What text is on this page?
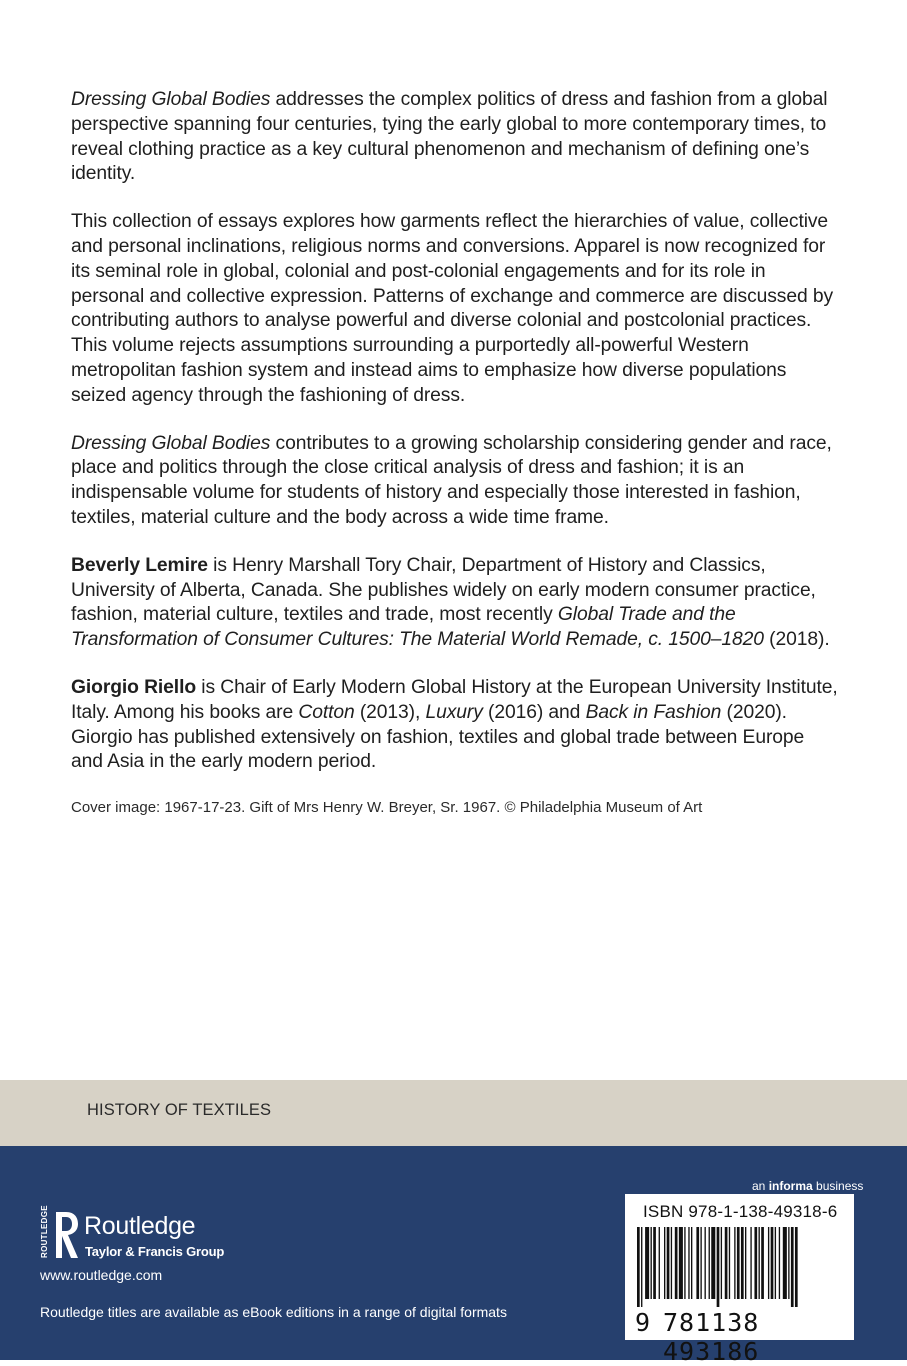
Dressing Global Bodies addresses the complex politics of dress and fashion from a global perspective spanning four centuries, tying the early global to more contemporary times, to reveal clothing practice as a key cultural phenomenon and mechanism of defining one’s identity.

This collection of essays explores how garments reflect the hierarchies of value, collective and personal inclinations, religious norms and conversions. Apparel is now recognized for its seminal role in global, colonial and post-colonial engagements and for its role in personal and collective expression. Patterns of exchange and commerce are discussed by contributing authors to analyse powerful and diverse colonial and postcolonial practices. This volume rejects assumptions surrounding a purportedly all-powerful Western metropolitan fashion system and instead aims to emphasize how diverse populations seized agency through the fashioning of dress.

Dressing Global Bodies contributes to a growing scholarship considering gender and race, place and politics through the close critical analysis of dress and fashion; it is an indispensable volume for students of history and especially those interested in fashion, textiles, material culture and the body across a wide time frame.

Beverly Lemire is Henry Marshall Tory Chair, Department of History and Classics, University of Alberta, Canada. She publishes widely on early modern consumer practice, fashion, material culture, textiles and trade, most recently Global Trade and the Transformation of Consumer Cultures: The Material World Remade, c. 1500–1820 (2018).

Giorgio Riello is Chair of Early Modern Global History at the European University Institute, Italy. Among his books are Cotton (2013), Luxury (2016) and Back in Fashion (2020). Giorgio has published extensively on fashion, textiles and global trade between Europe and Asia in the early modern period.

Cover image: 1967-17-23. Gift of Mrs Henry W. Breyer, Sr. 1967. © Philadelphia Museum of Art
HISTORY OF TEXTILES
ROUTLEDGE Routledge
Taylor & Francis Group
www.routledge.com
Routledge titles are available as eBook editions in a range of digital formats
an informa business
ISBN 978-1-138-49318-6
9 781138 493186
